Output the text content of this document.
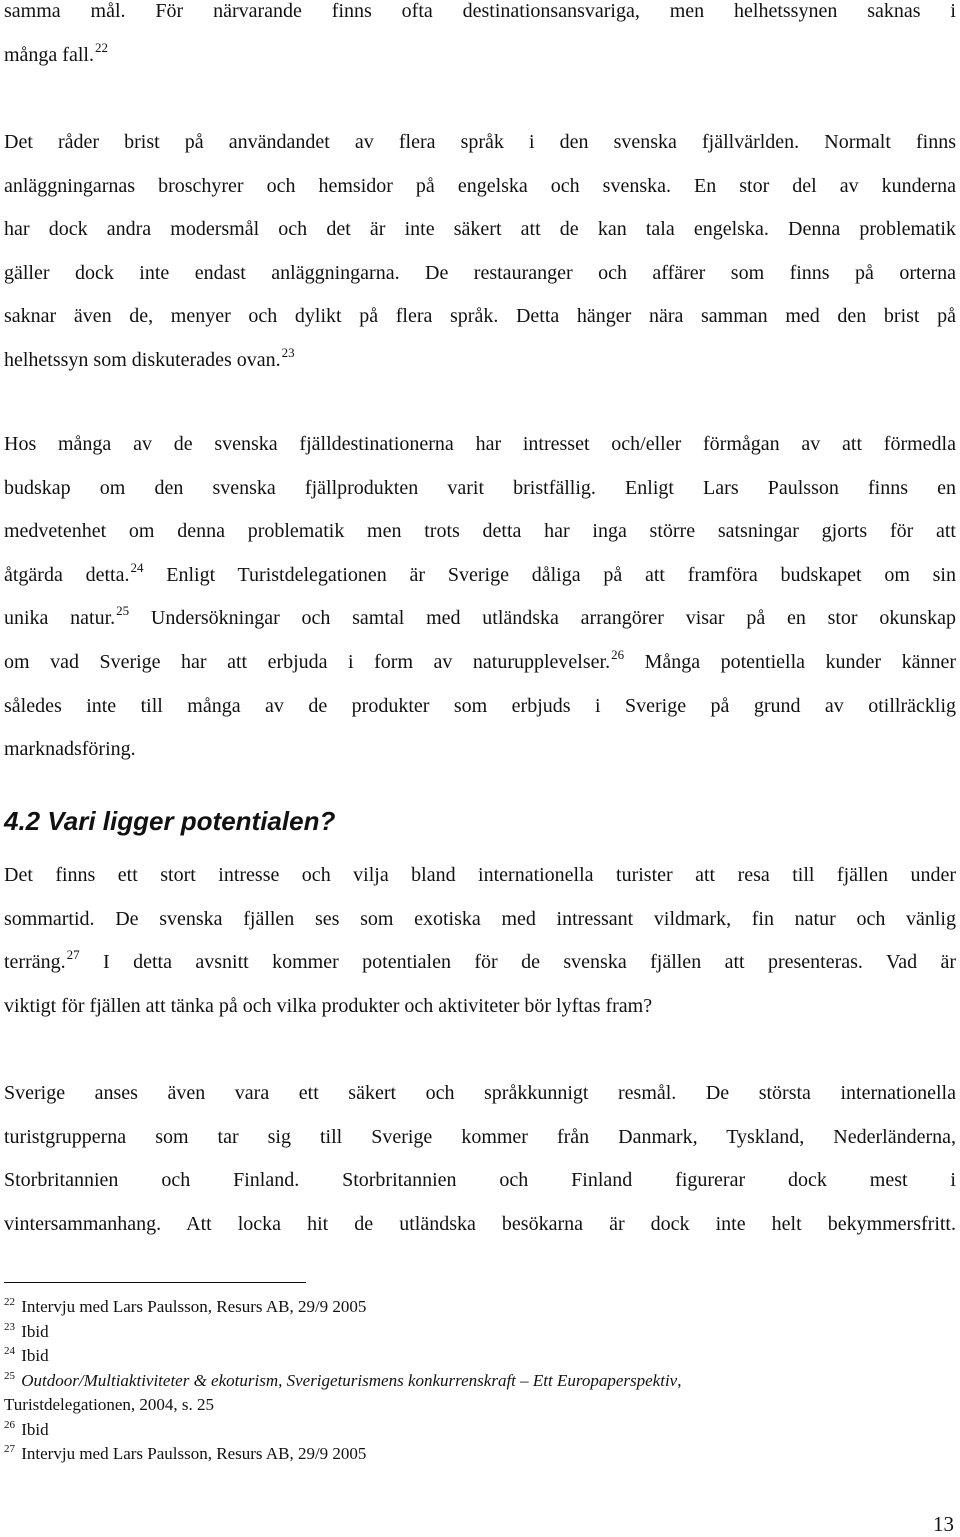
samma mål. För närvarande finns ofta destinationsansvariga, men helhetssynen saknas i
många fall.$^{22}$
Det råder brist på användandet av flera språk i den svenska fjällvärlden. Normalt finns
anläggningarnas broschyrer och hemsidor på engelska och svenska. En stor del av kunderna
har dock andra modersmål och det är inte säkert att de kan tala engelska. Denna problematik
gäller dock inte endast anläggningarna. De restauranger och affärer som finns på orterna
saknar även de, menyer och dylikt på flera språk. Detta hänger nära samman med den brist på
helhetssyn som diskuterades ovan.$^{23}$
Hos många av de svenska fjälldestinationerna har intresset och/eller förmågan av att förmedla
budskap om den svenska fjällprodukten varit bristfällig. Enligt Lars Paulsson finns en
medvetenhet om denna problematik men trots detta har inga större satsningar gjorts för att
åtgärda detta.$^{24}$ Enligt Turistdelegationen är Sverige dåliga på att framföra budskapet om sin
unika natur.$^{25}$ Undersökningar och samtal med utländska arrangörer visar på en stor okunskap
om vad Sverige har att erbjuda i form av naturupplevelser.$^{26}$ Många potentiella kunder känner
således inte till många av de produkter som erbjuds i Sverige på grund av otillräcklig
marknadsföring.
4.2 Vari ligger potentialen?
Det finns ett stort intresse och vilja bland internationella turister att resa till fjällen under
sommartid. De svenska fjällen ses som exotiska med intressant vildmark, fin natur och vänlig
terräng.$^{27}$ I detta avsnitt kommer potentialen för de svenska fjällen att presenteras. Vad är
viktigt för fjällen att tänka på och vilka produkter och aktiviteter bör lyftas fram?
Sverige anses även vara ett säkert och språkkunnigt resmål. De största internationella
turistgrupperna som tar sig till Sverige kommer från Danmark, Tyskland, Nederländerna,
Storbritannien och Finland. Storbritannien och Finland figurerar dock mest i
vintersammanhang. Att locka hit de utländska besökarna är dock inte helt bekymmersfritt.
$^{22}$ Intervju med Lars Paulsson, Resurs AB, 29/9 2005
$^{23}$ Ibid
$^{24}$ Ibid
$^{25}$ Outdoor/Multiaktiviteter & ekoturism, Sverigeturismens konkurrenskraft – Ett Europaperspektiv,
Turistdelegationen, 2004, s. 25
$^{26}$ Ibid
$^{27}$ Intervju med Lars Paulsson, Resurs AB, 29/9 2005
13
